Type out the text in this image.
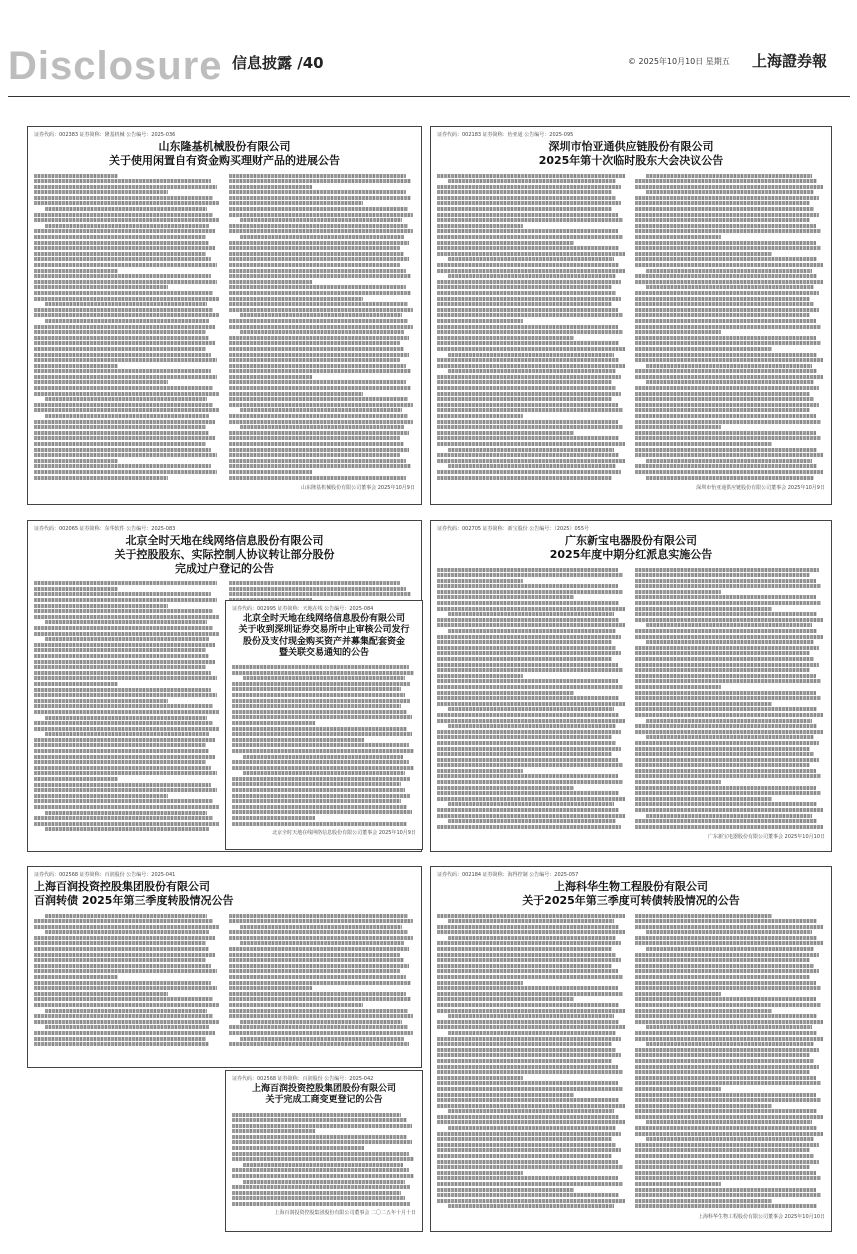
Disclosure 信息披露 /40	© 2025年10月10日 星期五 上海證券報
证券代码：002383 证券简称：隆基机械 公告编号：2025-036
山东隆基机械股份有限公司
关于使用闲置自有资金购买理财产品的进展公告
山东隆基机械股份有限公司董事会 2025年10月9日
证券代码：002183 证券简称：怡亚通 公告编号：2025-095
深圳市怡亚通供应链股份有限公司
2025年第十次临时股东大会决议公告
深圳市怡亚通供应链股份有限公司董事会 2025年10月9日
证券代码：002065 证券简称：东华软件 公告编号：2025-083
北京全时天地在线网络信息股份有限公司
关于控股股东、实际控制人协议转让部分股份
完成过户登记的公告
证券代码：002995 证券简称：天地在线 公告编号：2025-084
北京全时天地在线网络信息股份有限公司
关于收到深圳证券交易所中止审核公司发行
股份及支付现金购买资产并募集配套资金
暨关联交易通知的公告
北京全时天地在线网络信息股份有限公司董事会 2025年10月9日
证券代码：002705 证券简称：新宝股份 公告编号：（2025）055号
广东新宝电器股份有限公司
2025年度中期分红派息实施公告
广东新宝电器股份有限公司董事会 2025年10月10日
证券代码：002568 证券简称：百润股份 公告编号：2025-041
上海百润投资控股集团股份有限公司
百润转债 2025年第三季度转股情况公告
证券代码：002568 证券简称：百润股份 公告编号：2025-042
上海百润投资控股集团股份有限公司
关于完成工商变更登记的公告
上海百润投资控股集团股份有限公司董事会 二〇二五年十月十日
证券代码：002184 证券简称：海得控制 公告编号：2025-057
上海科华生物工程股份有限公司
关于2025年第三季度可转债转股情况的公告
上海科华生物工程股份有限公司董事会 2025年10月10日
